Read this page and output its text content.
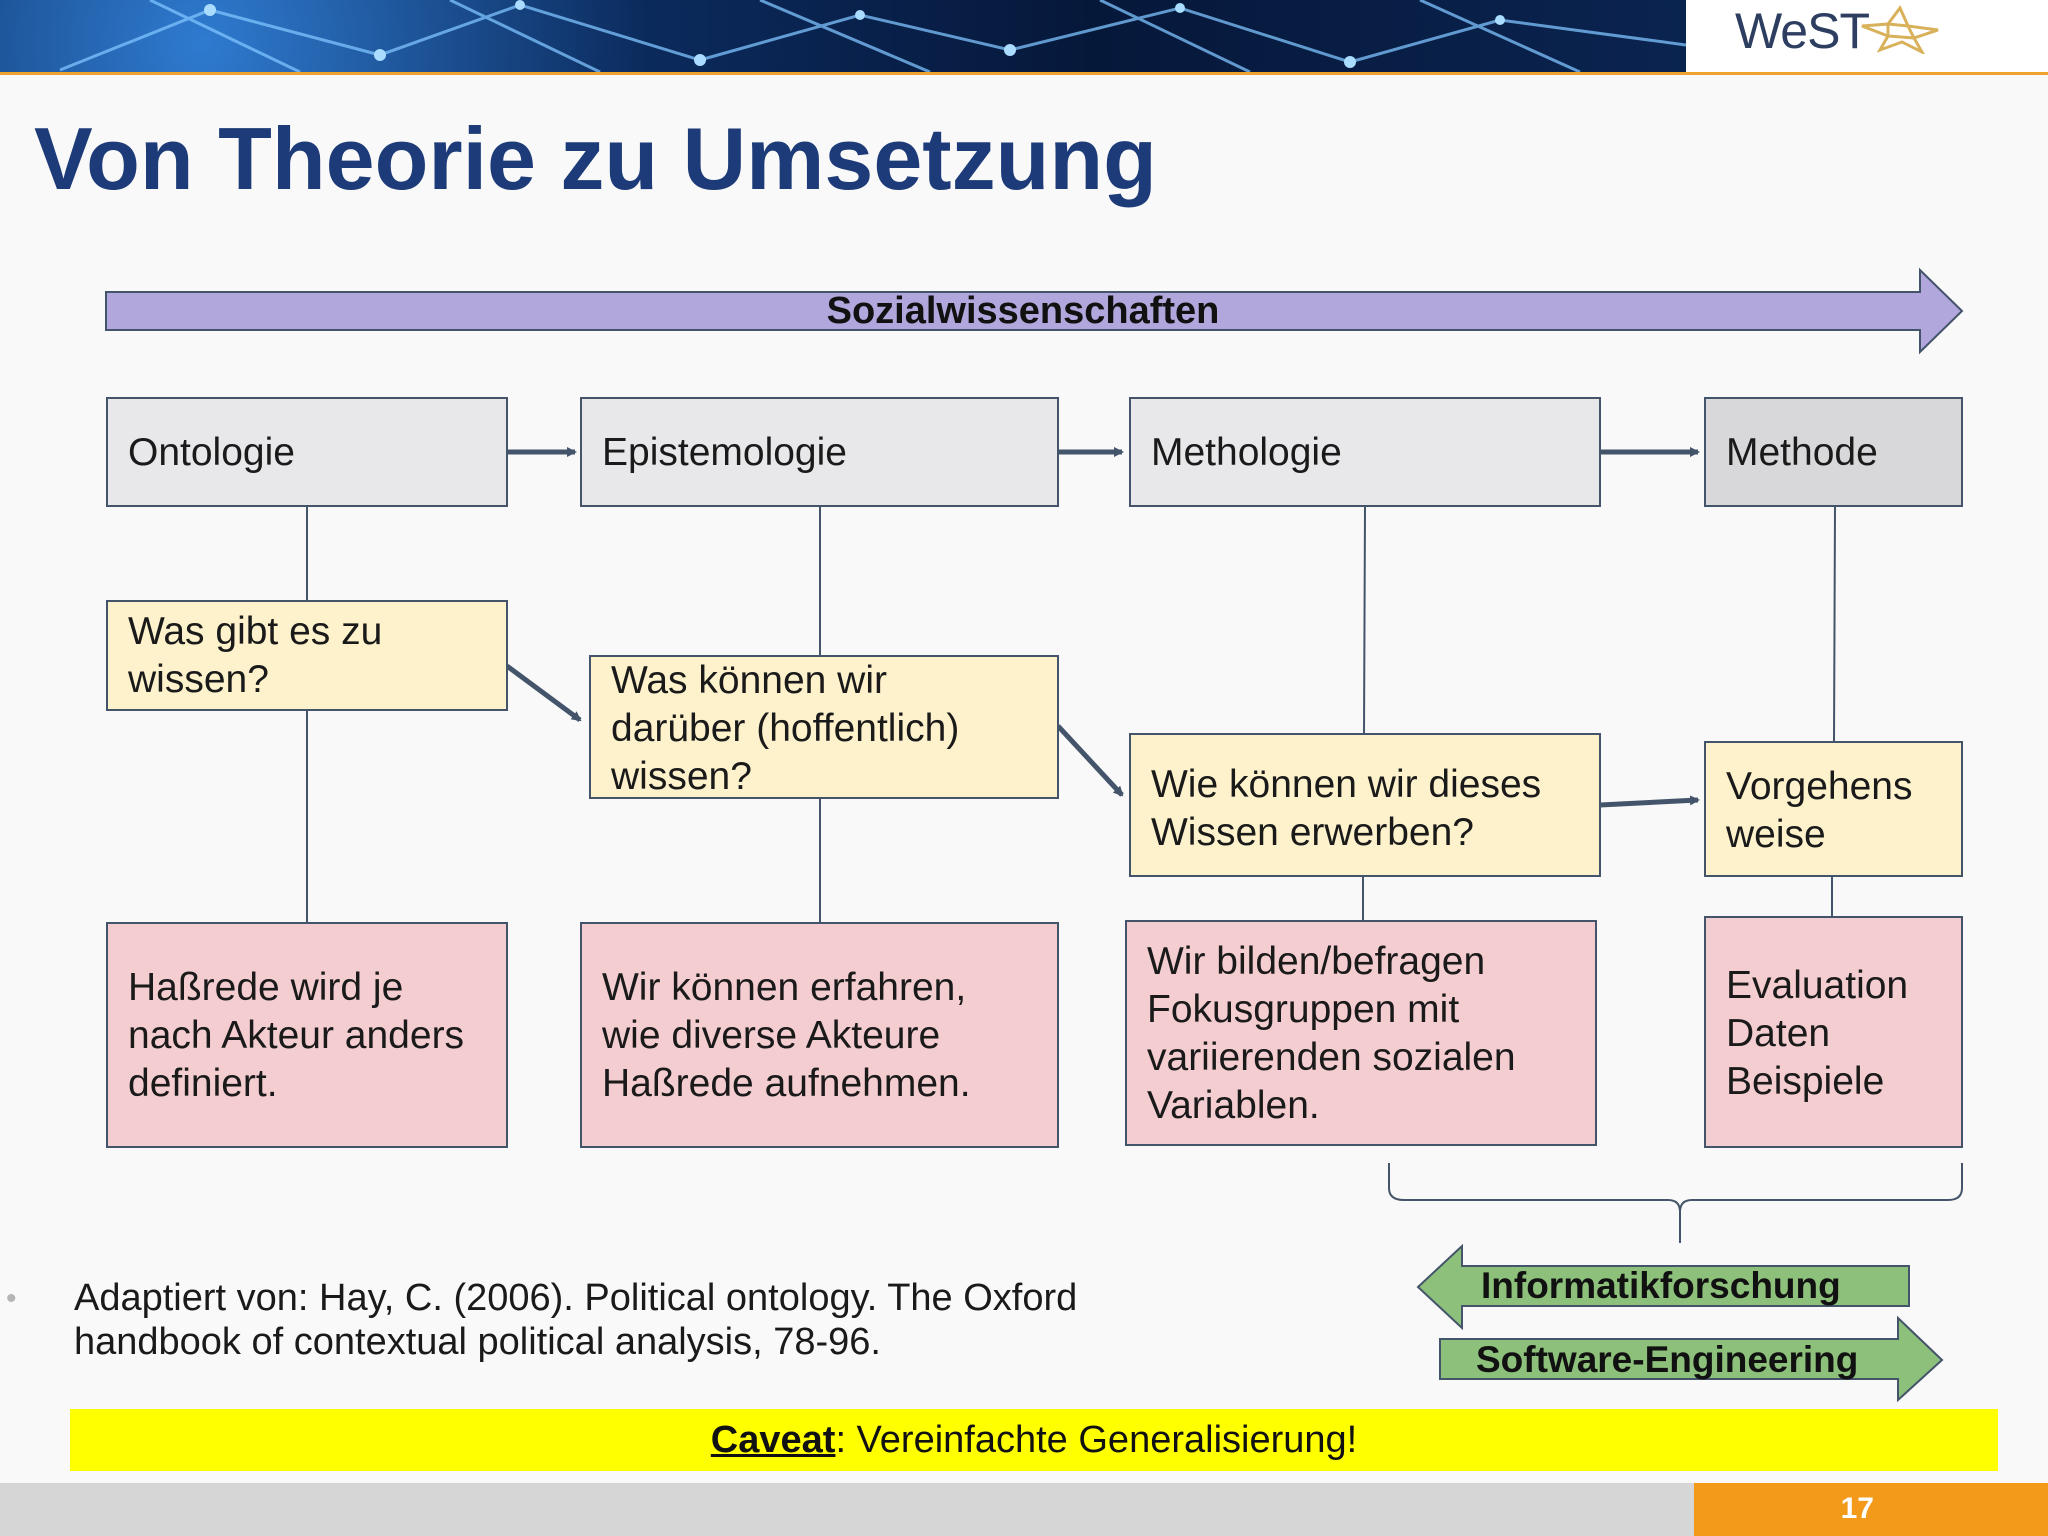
WeST
Von Theorie zu Umsetzung
Sozialwissenschaften
Ontologie	Epistemologie	Methologie	Methode
Was gibt es zu
wissen?	Was können wir
darüber (hoffentlich)
wissen?	Wie können wir dieses
Wissen erwerben?
Vorgehens
weise
Haßrede wird je
nach Akteur anders
definiert.
Wir können erfahren,
wie diverse Akteure
Haßrede aufnehmen.
Wir bilden/befragen
Fokusgruppen mit
variierenden sozialen
Variablen.
Evaluation
Daten
Beispiele
Informatikforschung
Software-Engineering
• Adaptiert von: Hay, C. (2006). Political ontology. The Oxford handbook of contextual political analysis, 78-96.
Caveat: Vereinfachte Generalisierung!
17
